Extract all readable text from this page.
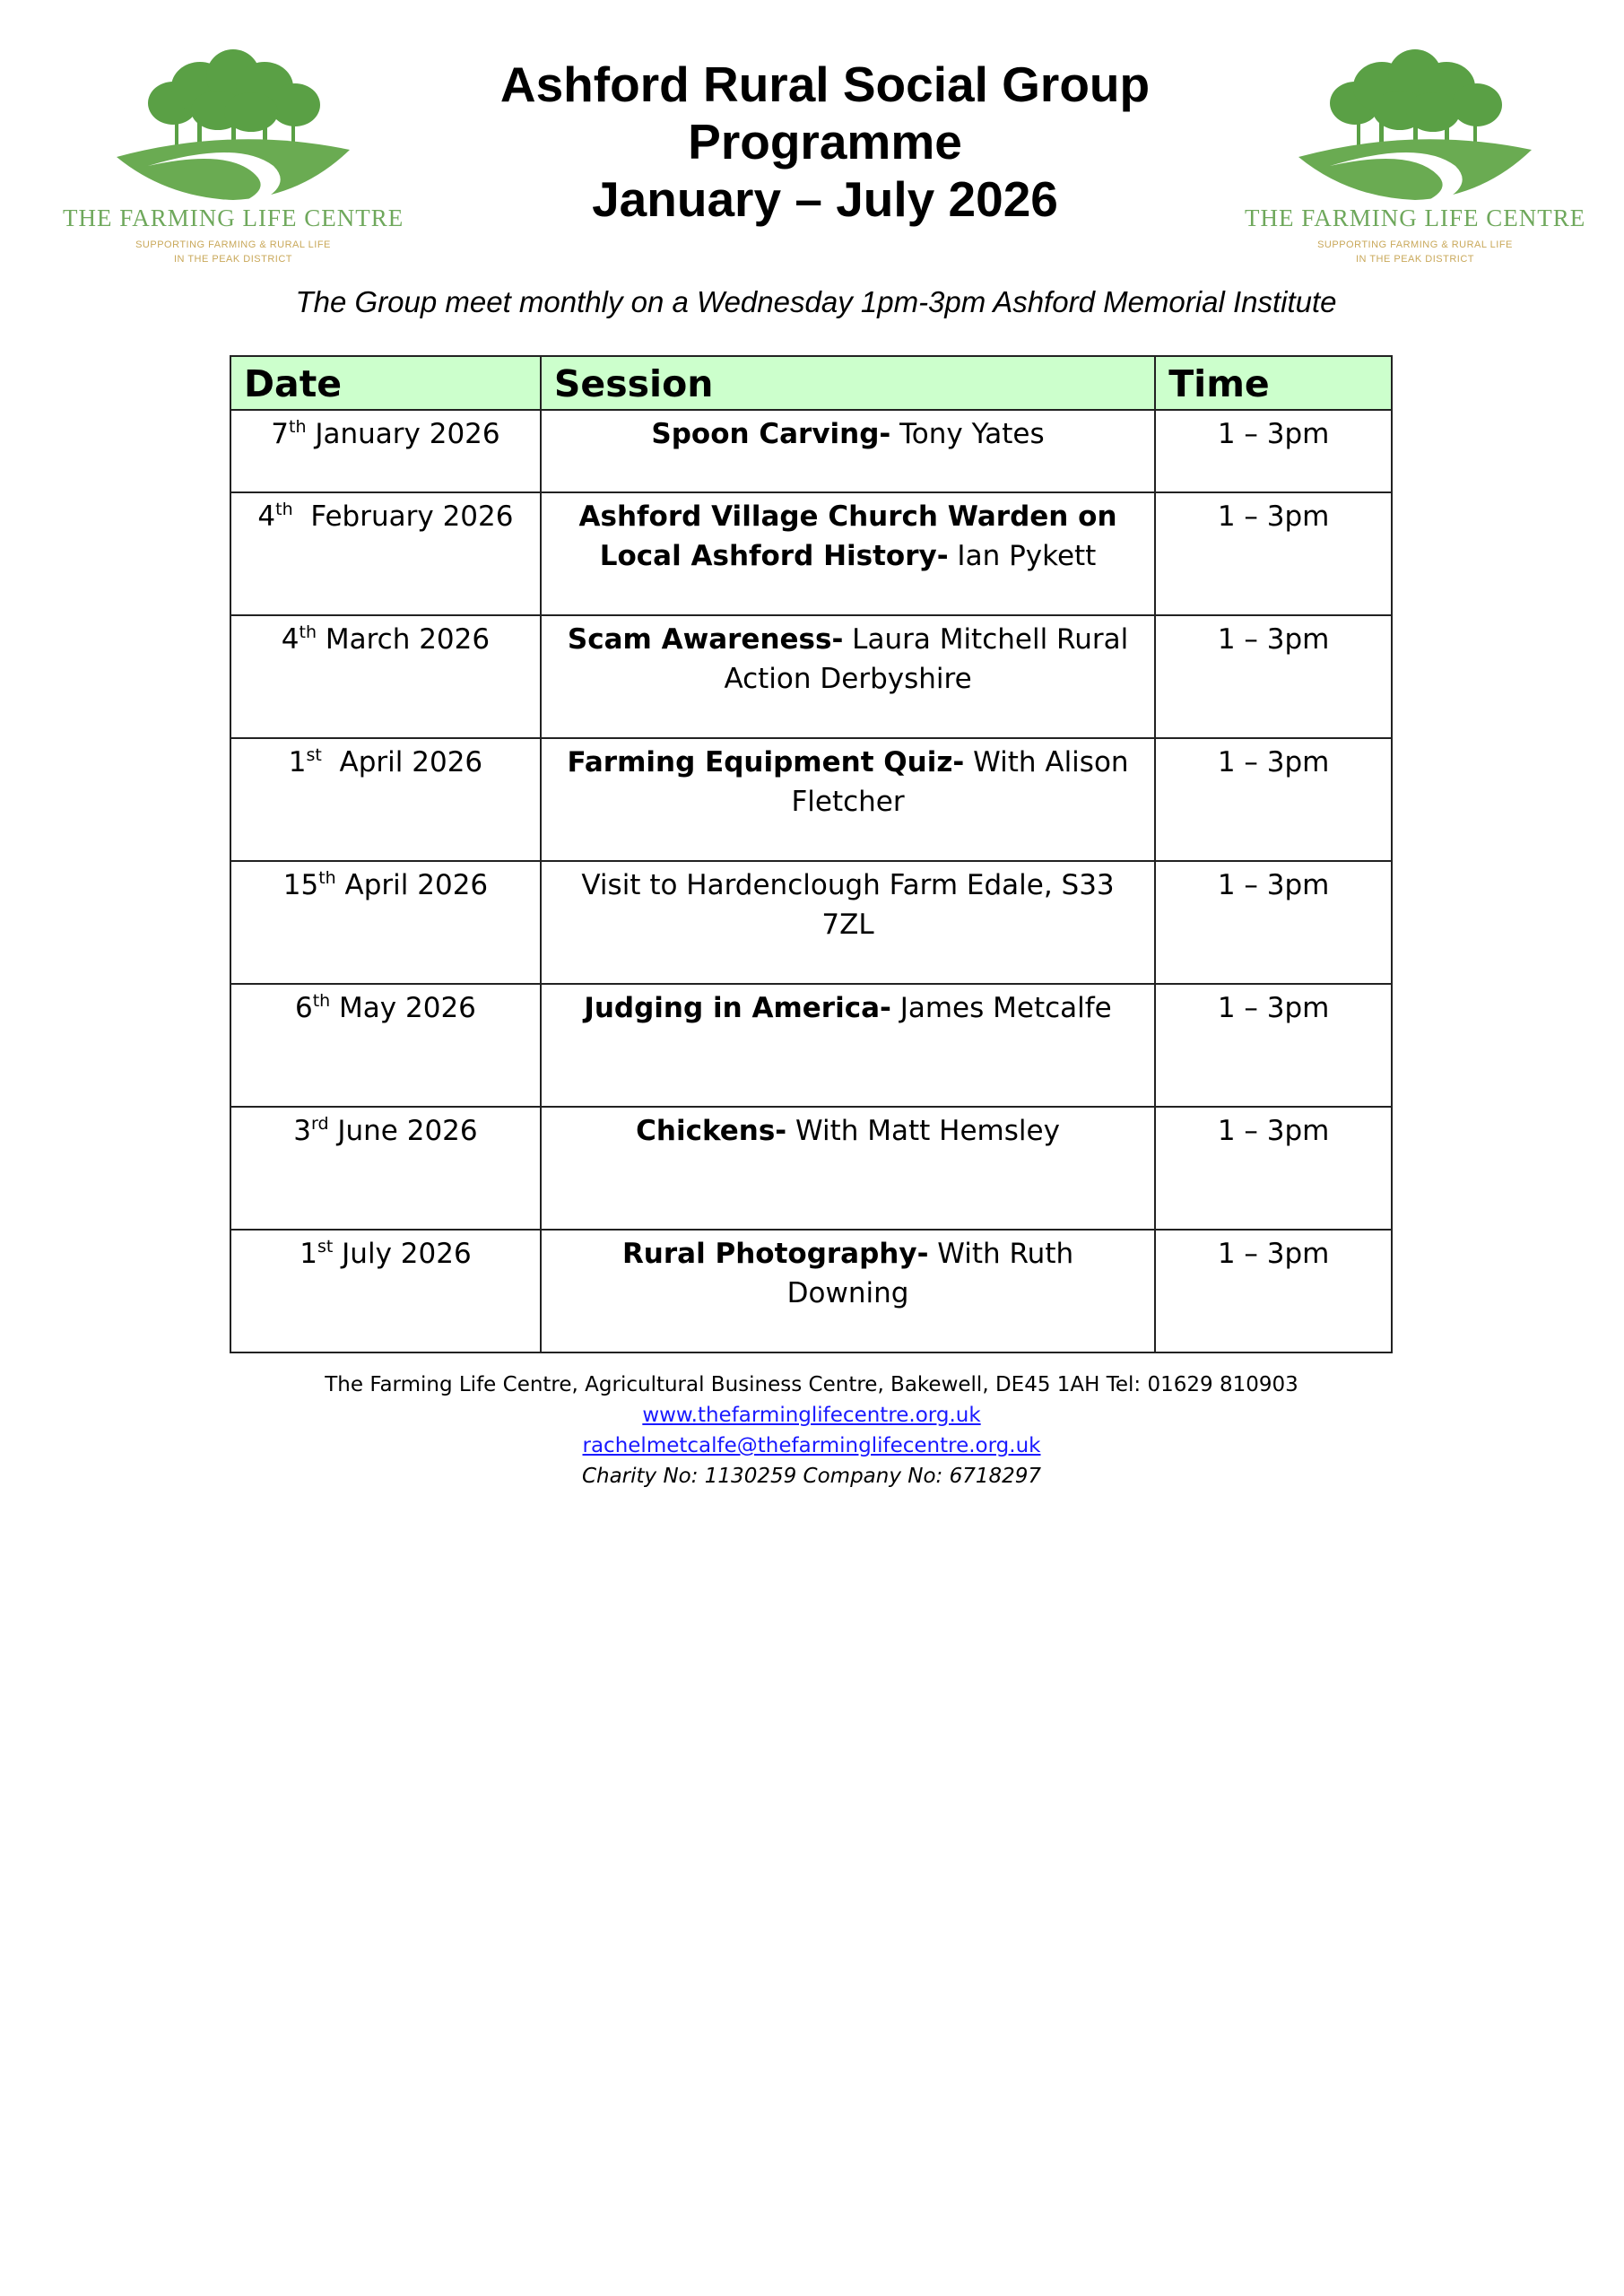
THE FARMING LIFE CENTRE
SUPPORTING FARMING & RURAL LIFE
IN THE PEAK DISTRICT
THE FARMING LIFE CENTRE
SUPPORTING FARMING & RURAL LIFE
IN THE PEAK DISTRICT
Ashford Rural Social Group
Programme
January – July 2026
The Group meet monthly on a Wednesday 1pm-3pm Ashford Memorial Institute
Date	Session	Time
7th January 2026	Spoon Carving- Tony Yates	1 – 3pm
4th  February 2026	Ashford Village Church Warden on Local Ashford History- Ian Pykett	1 – 3pm
4th March 2026	Scam Awareness- Laura Mitchell Rural Action Derbyshire	1 – 3pm
1st  April 2026	Farming Equipment Quiz- With Alison Fletcher	1 – 3pm
15th April 2026	Visit to Hardenclough Farm Edale, S33 7ZL	1 – 3pm
6th May 2026	Judging in America- James Metcalfe	1 – 3pm
3rd June 2026	Chickens- With Matt Hemsley	1 – 3pm
1st July 2026	Rural Photography- With Ruth Downing	1 – 3pm
The Farming Life Centre, Agricultural Business Centre, Bakewell, DE45 1AH Tel: 01629 810903
www.thefarminglifecentre.org.uk
rachelmetcalfe@thefarminglifecentre.org.uk
Charity No: 1130259 Company No: 6718297
